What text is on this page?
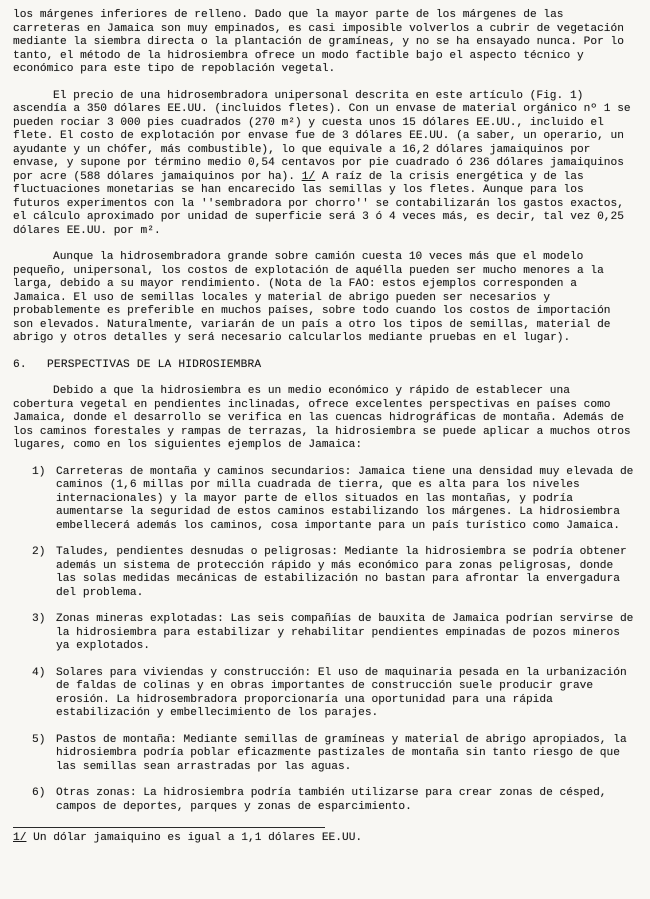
los márgenes inferiores de relleno. Dado que la mayor parte de los márgenes de las carreteras en Jamaica son muy empinados, es casi imposible volverlos a cubrir de vegetación mediante la siembra directa o la plantación de gramíneas, y no se ha ensayado nunca. Por lo tanto, el método de la hidrosiembra ofrece un modo factible bajo el aspecto técnico y económico para este tipo de repoblación vegetal.

El precio de una hidrosembradora unipersonal descrita en este artículo (Fig. 1) ascendía a 350 dólares EE.UU. (incluidos fletes). Con un envase de material orgánico nº 1 se pueden rociar 3 000 pies cuadrados (270 m²) y cuesta unos 15 dólares EE.UU., incluido el flete. El costo de explotación por envase fue de 3 dólares EE.UU. (a saber, un operario, un ayudante y un chófer, más combustible), lo que equivale a 16,2 dólares jamaiquinos por envase, y supone por término medio 0,54 centavos por pie cuadrado ó 236 dólares jamaiquinos por acre (588 dólares jamaiquinos por ha). 1/ A raíz de la crisis energética y de las fluctuaciones monetarias se han encarecido las semillas y los fletes. Aunque para los futuros experimentos con la ''sembradora por chorro'' se contabilizarán los gastos exactos, el cálculo aproximado por unidad de superficie será 3 ó 4 veces más, es decir, tal vez 0,25 dólares EE.UU. por m².

Aunque la hidrosembradora grande sobre camión cuesta 10 veces más que el modelo pequeño, unipersonal, los costos de explotación de aquélla pueden ser mucho menores a la larga, debido a su mayor rendimiento. (Nota de la FAO: estos ejemplos corresponden a Jamaica. El uso de semillas locales y material de abrigo pueden ser necesarios y probablemente es preferible en muchos países, sobre todo cuando los costos de importación son elevados. Naturalmente, variarán de un país a otro los tipos de semillas, material de abrigo y otros detalles y será necesario calcularlos mediante pruebas en el lugar).

6. PERSPECTIVAS DE LA HIDROSIEMBRA

Debido a que la hidrosiembra es un medio económico y rápido de establecer una cobertura vegetal en pendientes inclinadas, ofrece excelentes perspectivas en países como Jamaica, donde el desarrollo se verifica en las cuencas hidrográficas de montaña. Además de los caminos forestales y rampas de terrazas, la hidrosiembra se puede aplicar a muchos otros lugares, como en los siguientes ejemplos de Jamaica:

1) Carreteras de montaña y caminos secundarios: Jamaica tiene una densidad muy elevada de caminos (1,6 millas por milla cuadrada de tierra, que es alta para los niveles internacionales) y la mayor parte de ellos situados en las montañas, y podría aumentarse la seguridad de estos caminos estabilizando los márgenes. La hidrosiembra embellecerá además los caminos, cosa importante para un país turístico como Jamaica.
2) Taludes, pendientes desnudas o peligrosas: Mediante la hidrosiembra se podría obtener además un sistema de protección rápido y más económico para zonas peligrosas, donde las solas medidas mecánicas de estabilización no bastan para afrontar la envergadura del problema.
3) Zonas mineras explotadas: Las seis compañías de bauxita de Jamaica podrían servirse de la hidrosiembra para estabilizar y rehabilitar pendientes empinadas de pozos mineros ya explotados.
4) Solares para viviendas y construcción: El uso de maquinaria pesada en la urbanización de faldas de colinas y en obras importantes de construcción suele producir grave erosión. La hidrosembradora proporcionaría una oportunidad para una rápida estabilización y embellecimiento de los parajes.
5) Pastos de montaña: Mediante semillas de gramíneas y material de abrigo apropiados, la hidrosiembra podría poblar eficazmente pastizales de montaña sin tanto riesgo de que las semillas sean arrastradas por las aguas.
6) Otras zonas: La hidrosiembra podría también utilizarse para crear zonas de césped, campos de deportes, parques y zonas de esparcimiento.

1/ Un dólar jamaiquino es igual a 1,1 dólares EE.UU.
